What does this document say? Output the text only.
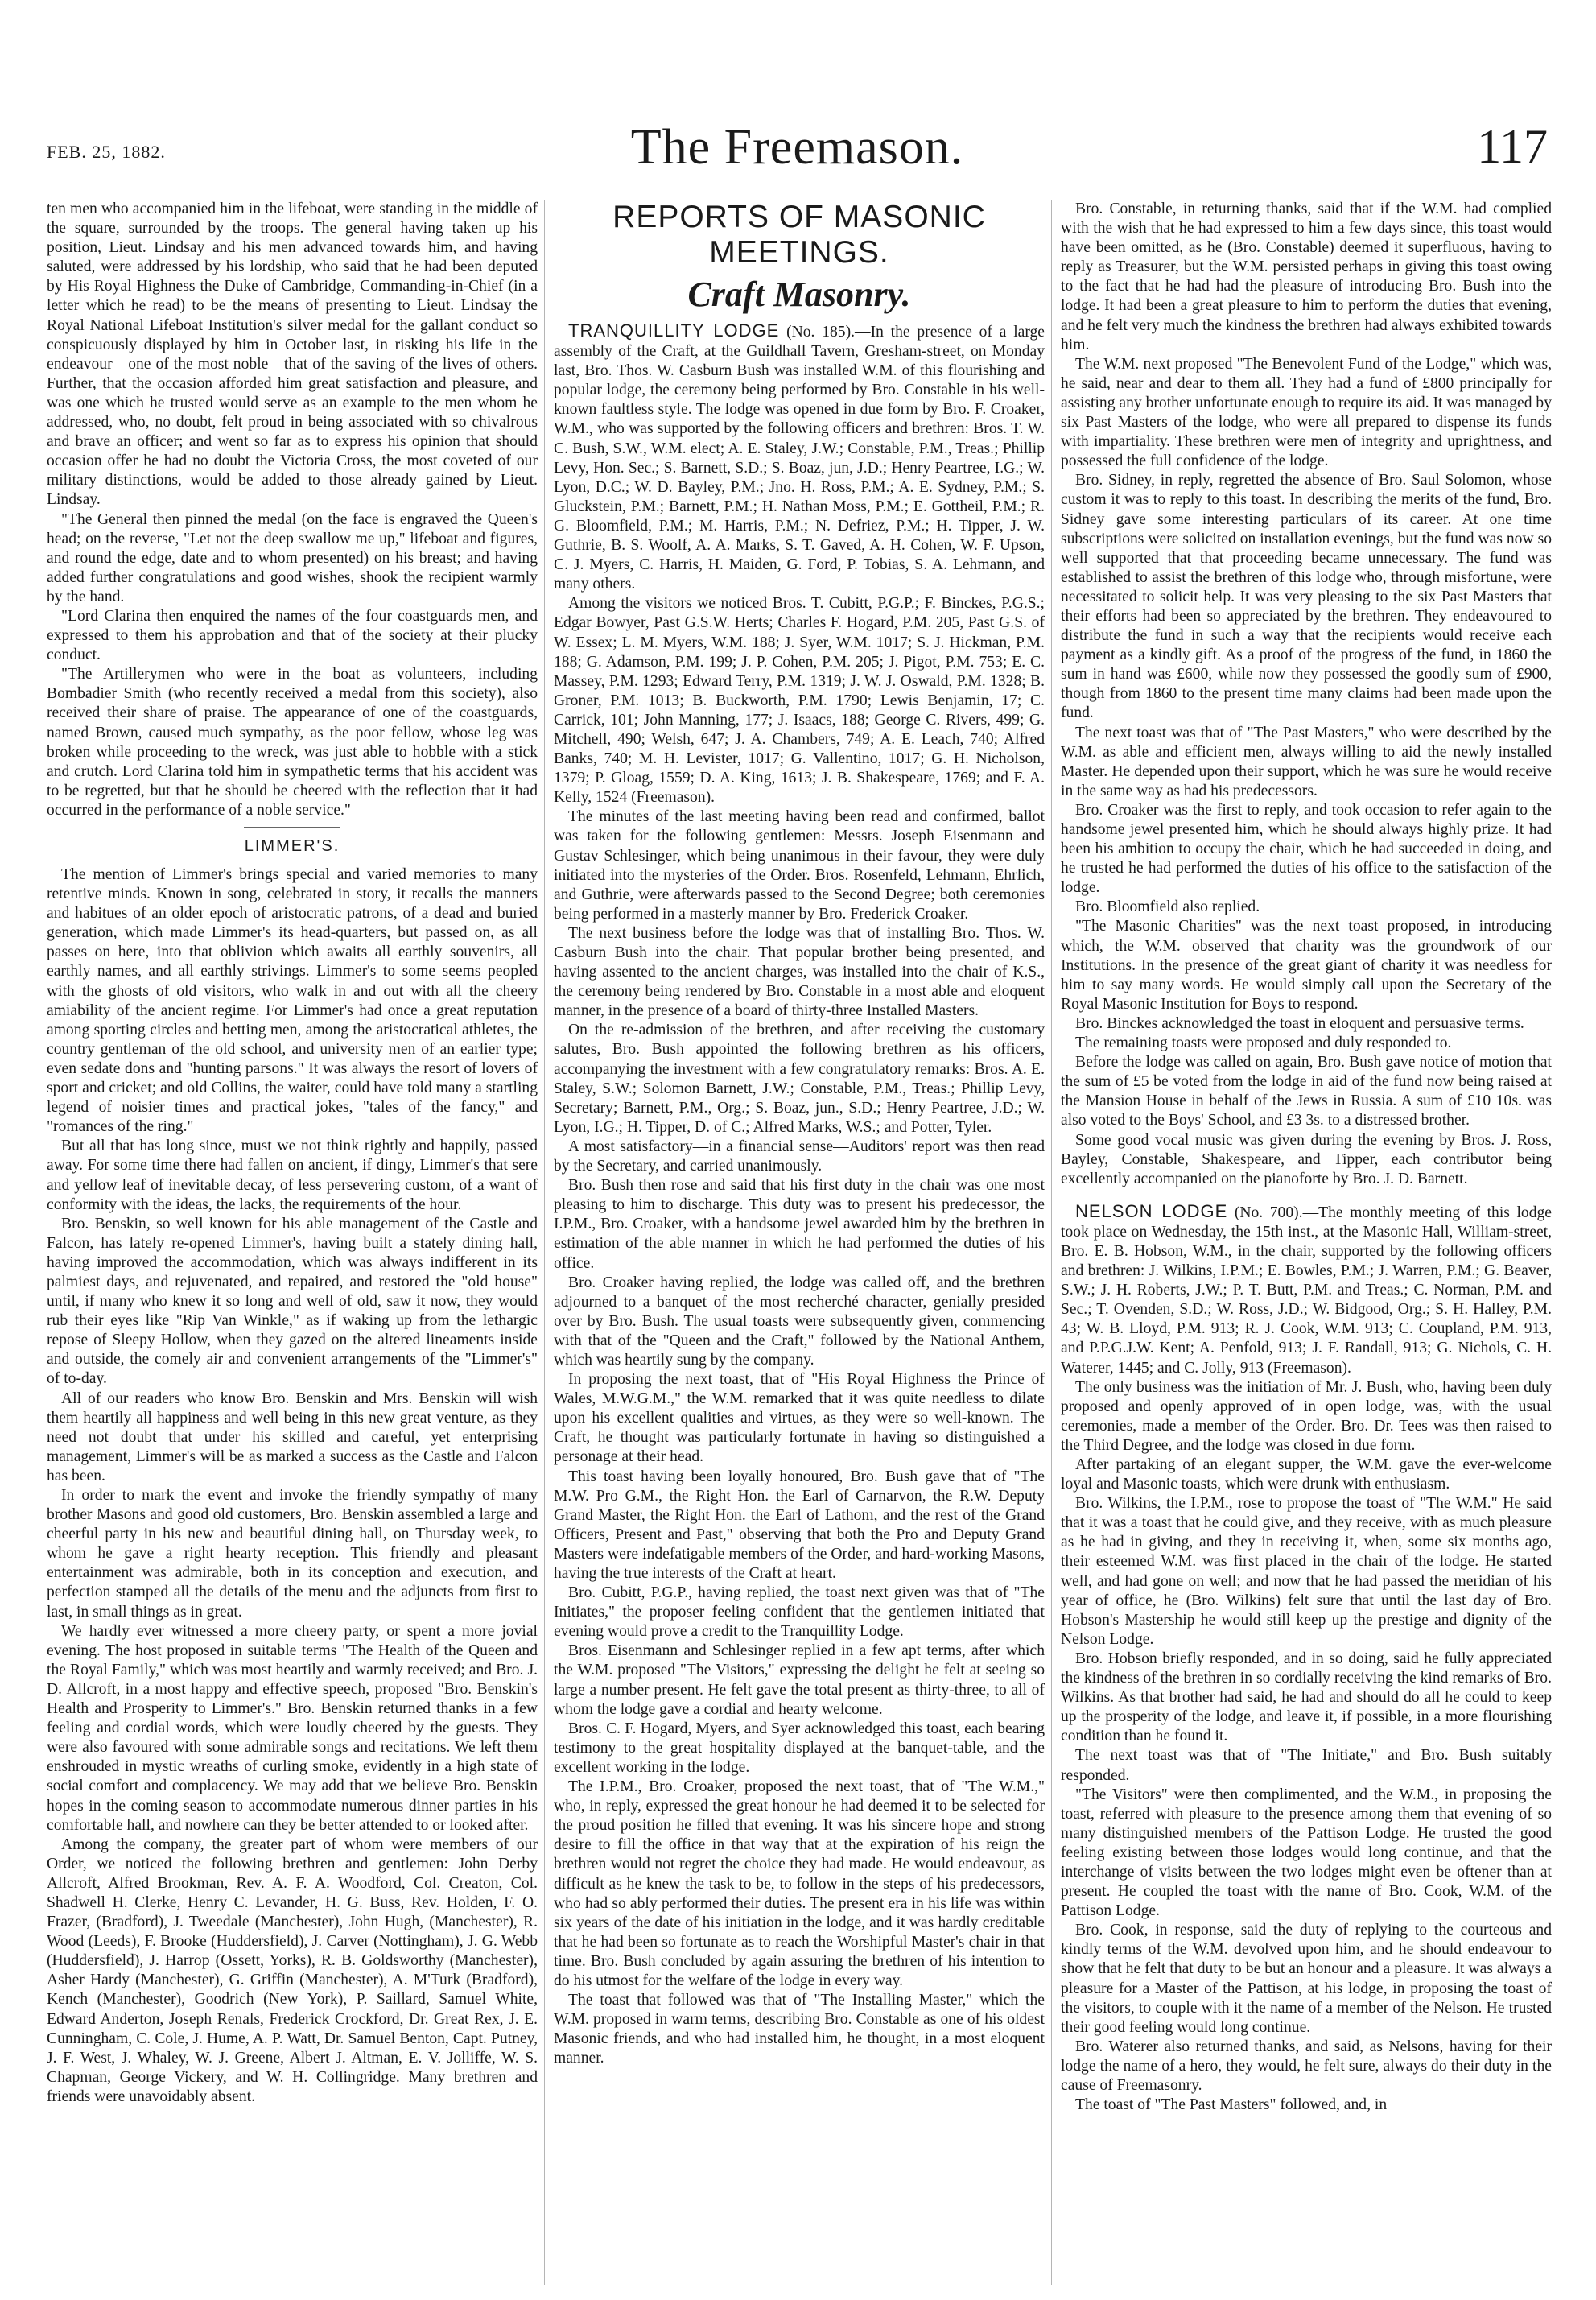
FEB. 25, 1882.	The Freemason.	117

ten men who accompanied him in the lifeboat, were standing in the middle of the square, surrounded by the troops. The general having taken up his position, Lieut. Lindsay and his men advanced towards him, and having saluted, were addressed by his lordship, who said that he had been deputed by His Royal Highness the Duke of Cambridge, Commanding-in-Chief (in a letter which he read) to be the means of presenting to Lieut. Lindsay the Royal National Lifeboat Institution's silver medal for the gallant conduct so conspicuously displayed by him in October last, in risking his life in the endeavour—one of the most noble—that of the saving of the lives of others. Further, that the occasion afforded him great satisfaction and pleasure, and was one which he trusted would serve as an example to the men whom he addressed, who, no doubt, felt proud in being associated with so chivalrous and brave an officer; and went so far as to express his opinion that should occasion offer he had no doubt the Victoria Cross, the most coveted of our military distinctions, would be added to those already gained by Lieut. Lindsay.

"The General then pinned the medal (on the face is engraved the Queen's head; on the reverse, "Let not the deep swallow me up," lifeboat and figures, and round the edge, date and to whom presented) on his breast; and having added further congratulations and good wishes, shook the recipient warmly by the hand.

"Lord Clarina then enquired the names of the four coastguards men, and expressed to them his approbation and that of the society at their plucky conduct.

"The Artillerymen who were in the boat as volunteers, including Bombadier Smith (who recently received a medal from this society), also received their share of praise. The appearance of one of the coastguards, named Brown, caused much sympathy, as the poor fellow, whose leg was broken while proceeding to the wreck, was just able to hobble with a stick and crutch. Lord Clarina told him in sympathetic terms that his accident was to be regretted, but that he should be cheered with the reflection that it had occurred in the performance of a noble service."

LIMMER'S.

The mention of Limmer's brings special and varied memories to many retentive minds. Known in song, celebrated in story, it recalls the manners and habitues of an older epoch of aristocratic patrons, of a dead and buried generation, which made Limmer's its head-quarters, but passed on, as all passes on here, into that oblivion which awaits all earthly souvenirs, all earthly names, and all earthly strivings. Limmer's to some seems peopled with the ghosts of old visitors, who walk in and out with all the cheery amiability of the ancient regime. For Limmer's had once a great reputation among sporting circles and betting men, among the aristocratical athletes, the country gentleman of the old school, and university men of an earlier type; even sedate dons and "hunting parsons." It was always the resort of lovers of sport and cricket; and old Collins, the waiter, could have told many a startling legend of noisier times and practical jokes, "tales of the fancy," and "romances of the ring."

But all that has long since, must we not think rightly and happily, passed away. For some time there had fallen on ancient, if dingy, Limmer's that sere and yellow leaf of inevitable decay, of less persevering custom, of a want of conformity with the ideas, the lacks, the requirements of the hour.

Bro. Benskin, so well known for his able management of the Castle and Falcon, has lately re-opened Limmer's, having built a stately dining hall, having improved the accommodation, which was always indifferent in its palmiest days, and rejuvenated, and repaired, and restored the "old house" until, if many who knew it so long and well of old, saw it now, they would rub their eyes like "Rip Van Winkle," as if waking up from the lethargic repose of Sleepy Hollow, when they gazed on the altered lineaments inside and outside, the comely air and convenient arrangements of the "Limmer's" of to-day.

All of our readers who know Bro. Benskin and Mrs. Benskin will wish them heartily all happiness and well being in this new great venture, as they need not doubt that under his skilled and careful, yet enterprising management, Limmer's will be as marked a success as the Castle and Falcon has been.

In order to mark the event and invoke the friendly sympathy of many brother Masons and good old customers, Bro. Benskin assembled a large and cheerful party in his new and beautiful dining hall, on Thursday week, to whom he gave a right hearty reception. This friendly and pleasant entertainment was admirable, both in its conception and execution, and perfection stamped all the details of the menu and the adjuncts from first to last, in small things as in great.

We hardly ever witnessed a more cheery party, or spent a more jovial evening. The host proposed in suitable terms "The Health of the Queen and the Royal Family," which was most heartily and warmly received; and Bro. J. D. Allcroft, in a most happy and effective speech, proposed "Bro. Benskin's Health and Prosperity to Limmer's." Bro. Benskin returned thanks in a few feeling and cordial words, which were loudly cheered by the guests. They were also favoured with some admirable songs and recitations. We left them enshrouded in mystic wreaths of curling smoke, evidently in a high state of social comfort and complacency. We may add that we believe Bro. Benskin hopes in the coming season to accommodate numerous dinner parties in his comfortable hall, and nowhere can they be better attended to or looked after.

Among the company, the greater part of whom were members of our Order, we noticed the following brethren and gentlemen: John Derby Allcroft, Alfred Brookman, Rev. A. F. A. Woodford, Col. Creaton, Col. Shadwell H. Clerke, Henry C. Levander, H. G. Buss, Rev. Holden, F. O. Frazer, (Bradford), J. Tweedale (Manchester), John Hugh, (Manchester), R. Wood (Leeds), F. Brooke (Huddersfield), J. Carver (Nottingham), J. G. Webb (Huddersfield), J. Harrop (Ossett, Yorks), R. B. Goldsworthy (Manchester), Asher Hardy (Manchester), G. Griffin (Manchester), A. M'Turk (Bradford), Kench (Manchester), Goodrich (New York), P. Saillard, Samuel White, Edward Anderton, Joseph Renals, Frederick Crockford, Dr. Great Rex, J. E. Cunningham, C. Cole, J. Hume, A. P. Watt, Dr. Samuel Benton, Capt. Putney, J. F. West, J. Whaley, W. J. Greene, Albert J. Altman, E. V. Jolliffe, W. S. Chapman, George Vickery, and W. H. Collingridge. Many brethren and friends were unavoidably absent.

REPORTS OF MASONIC MEETINGS.
Craft Masonry.

TRANQUILLITY LODGE (No. 185).—In the presence of a large assembly of the Craft, at the Guildhall Tavern, Gresham-street, on Monday last, Bro. Thos. W. Casburn Bush was installed W.M. of this flourishing and popular lodge, the ceremony being performed by Bro. Constable in his well-known faultless style. The lodge was opened in due form by Bro. F. Croaker, W.M., who was supported by the following officers and brethren: Bros. T. W. C. Bush, S.W., W.M. elect; A. E. Staley, J.W.; Constable, P.M., Treas.; Phillip Levy, Hon. Sec.; S. Barnett, S.D.; S. Boaz, jun, J.D.; Henry Peartree, I.G.; W. Lyon, D.C.; W. D. Bayley, P.M.; Jno. H. Ross, P.M.; A. E. Sydney, P.M.; S. Gluckstein, P.M.; Barnett, P.M.; H. Nathan Moss, P.M.; E. Gottheil, P.M.; R. G. Bloomfield, P.M.; M. Harris, P.M.; N. Defriez, P.M.; H. Tipper, J. W. Guthrie, B. S. Woolf, A. A. Marks, S. T. Gaved, A. H. Cohen, W. F. Upson, C. J. Myers, C. Harris, H. Maiden, G. Ford, P. Tobias, S. A. Lehmann, and many others.

Among the visitors we noticed Bros. T. Cubitt, P.G.P.; F. Binckes, P.G.S.; Edgar Bowyer, Past G.S.W. Herts; Charles F. Hogard, P.M. 205, Past G.S. of W. Essex; L. M. Myers, W.M. 188; J. Syer, W.M. 1017; S. J. Hickman, P.M. 188; G. Adamson, P.M. 199; J. P. Cohen, P.M. 205; J. Pigot, P.M. 753; E. C. Massey, P.M. 1293; Edward Terry, P.M. 1319; J. W. J. Oswald, P.M. 1328; B. Groner, P.M. 1013; B. Buckworth, P.M. 1790; Lewis Benjamin, 17; C. Carrick, 101; John Manning, 177; J. Isaacs, 188; George C. Rivers, 499; G. Mitchell, 490; Welsh, 647; J. A. Chambers, 749; A. E. Leach, 740; Alfred Banks, 740; M. H. Levister, 1017; G. Vallentino, 1017; G. H. Nicholson, 1379; P. Gloag, 1559; D. A. King, 1613; J. B. Shakespeare, 1769; and F. A. Kelly, 1524 (Freemason).

The minutes of the last meeting having been read and confirmed, ballot was taken for the following gentlemen: Messrs. Joseph Eisenmann and Gustav Schlesinger, which being unanimous in their favour, they were duly initiated into the mysteries of the Order. Bros. Rosenfeld, Lehmann, Ehrlich, and Guthrie, were afterwards passed to the Second Degree; both ceremonies being performed in a masterly manner by Bro. Frederick Croaker.

The next business before the lodge was that of installing Bro. Thos. W. Casburn Bush into the chair. That popular brother being presented, and having assented to the ancient charges, was installed into the chair of K.S., the ceremony being rendered by Bro. Constable in a most able and eloquent manner, in the presence of a board of thirty-three Installed Masters.

On the re-admission of the brethren, and after receiving the customary salutes, Bro. Bush appointed the following brethren as his officers, accompanying the investment with a few congratulatory remarks: Bros. A. E. Staley, S.W.; Solomon Barnett, J.W.; Constable, P.M., Treas.; Phillip Levy, Secretary; Barnett, P.M., Org.; S. Boaz, jun., S.D.; Henry Peartree, J.D.; W. Lyon, I.G.; H. Tipper, D. of C.; Alfred Marks, W.S.; and Potter, Tyler.

A most satisfactory—in a financial sense—Auditors' report was then read by the Secretary, and carried unanimously.

Bro. Bush then rose and said that his first duty in the chair was one most pleasing to him to discharge. This duty was to present his predecessor, the I.P.M., Bro. Croaker, with a handsome jewel awarded him by the brethren in estimation of the able manner in which he had performed the duties of his office.

Bro. Croaker having replied, the lodge was called off, and the brethren adjourned to a banquet of the most recherché character, genially presided over by Bro. Bush. The usual toasts were subsequently given, commencing with that of the "Queen and the Craft," followed by the National Anthem, which was heartily sung by the company.

In proposing the next toast, that of "His Royal Highness the Prince of Wales, M.W.G.M.," the W.M. remarked that it was quite needless to dilate upon his excellent qualities and virtues, as they were so well-known. The Craft, he thought was particularly fortunate in having so distinguished a personage at their head.

This toast having been loyally honoured, Bro. Bush gave that of "The M.W. Pro G.M., the Right Hon. the Earl of Carnarvon, the R.W. Deputy Grand Master, the Right Hon. the Earl of Lathom, and the rest of the Grand Officers, Present and Past," observing that both the Pro and Deputy Grand Masters were indefatigable members of the Order, and hard-working Masons, having the true interests of the Craft at heart.

Bro. Cubitt, P.G.P., having replied, the toast next given was that of "The Initiates," the proposer feeling confident that the gentlemen initiated that evening would prove a credit to the Tranquillity Lodge.

Bros. Eisenmann and Schlesinger replied in a few apt terms, after which the W.M. proposed "The Visitors," expressing the delight he felt at seeing so large a number present. He felt gave the total present as thirty-three, to all of whom the lodge gave a cordial and hearty welcome.

Bros. C. F. Hogard, Myers, and Syer acknowledged this toast, each bearing testimony to the great hospitality displayed at the banquet-table, and the excellent working in the lodge.

The I.P.M., Bro. Croaker, proposed the next toast, that of "The W.M.," who, in reply, expressed the great honour he had deemed it to be selected for the proud position he filled that evening. It was his sincere hope and strong desire to fill the office in that way that at the expiration of his reign the brethren would not regret the choice they had made. He would endeavour, as difficult as he knew the task to be, to follow in the steps of his predecessors, who had so ably performed their duties. The present era in his life was within six years of the date of his initiation in the lodge, and it was hardly creditable that he had been so fortunate as to reach the Worshipful Master's chair in that time. Bro. Bush concluded by again assuring the brethren of his intention to do his utmost for the welfare of the lodge in every way.

The toast that followed was that of "The Installing Master," which the W.M. proposed in warm terms, describing Bro. Constable as one of his oldest Masonic friends, and who had installed him, he thought, in a most eloquent manner.

Bro. Constable, in returning thanks, said that if the W.M. had complied with the wish that he had expressed to him a few days since, this toast would have been omitted, as he (Bro. Constable) deemed it superfluous, having to reply as Treasurer, but the W.M. persisted perhaps in giving this toast owing to the fact that he had had the pleasure of introducing Bro. Bush into the lodge. It had been a great pleasure to him to perform the duties that evening, and he felt very much the kindness the brethren had always exhibited towards him.

The W.M. next proposed "The Benevolent Fund of the Lodge," which was, he said, near and dear to them all. They had a fund of £800 principally for assisting any brother unfortunate enough to require its aid. It was managed by six Past Masters of the lodge, who were all prepared to dispense its funds with impartiality. These brethren were men of integrity and uprightness, and possessed the full confidence of the lodge.

Bro. Sidney, in reply, regretted the absence of Bro. Saul Solomon, whose custom it was to reply to this toast. In describing the merits of the fund, Bro. Sidney gave some interesting particulars of its career. At one time subscriptions were solicited on installation evenings, but the fund was now so well supported that that proceeding became unnecessary. The fund was established to assist the brethren of this lodge who, through misfortune, were necessitated to solicit help. It was very pleasing to the six Past Masters that their efforts had been so appreciated by the brethren. They endeavoured to distribute the fund in such a way that the recipients would receive each payment as a kindly gift. As a proof of the progress of the fund, in 1860 the sum in hand was £600, while now they possessed the goodly sum of £900, though from 1860 to the present time many claims had been made upon the fund.

The next toast was that of "The Past Masters," who were described by the W.M. as able and efficient men, always willing to aid the newly installed Master. He depended upon their support, which he was sure he would receive in the same way as had his predecessors.

Bro. Croaker was the first to reply, and took occasion to refer again to the handsome jewel presented him, which he should always highly prize. It had been his ambition to occupy the chair, which he had succeeded in doing, and he trusted he had performed the duties of his office to the satisfaction of the lodge.

Bro. Bloomfield also replied.

"The Masonic Charities" was the next toast proposed, in introducing which, the W.M. observed that charity was the groundwork of our Institutions. In the presence of the great giant of charity it was needless for him to say many words. He would simply call upon the Secretary of the Royal Masonic Institution for Boys to respond.

Bro. Binckes acknowledged the toast in eloquent and persuasive terms.

The remaining toasts were proposed and duly responded to.

Before the lodge was called on again, Bro. Bush gave notice of motion that the sum of £5 be voted from the lodge in aid of the fund now being raised at the Mansion House in behalf of the Jews in Russia. A sum of £10 10s. was also voted to the Boys' School, and £3 3s. to a distressed brother.

Some good vocal music was given during the evening by Bros. J. Ross, Bayley, Constable, Shakespeare, and Tipper, each contributor being excellently accompanied on the pianoforte by Bro. J. D. Barnett.

NELSON LODGE (No. 700).—The monthly meeting of this lodge took place on Wednesday, the 15th inst., at the Masonic Hall, William-street, Bro. E. B. Hobson, W.M., in the chair, supported by the following officers and brethren: J. Wilkins, I.P.M.; E. Bowles, P.M.; J. Warren, P.M.; G. Beaver, S.W.; J. H. Roberts, J.W.; P. T. Butt, P.M. and Treas.; C. Norman, P.M. and Sec.; T. Ovenden, S.D.; W. Ross, J.D.; W. Bidgood, Org.; S. H. Halley, P.M. 43; W. B. Lloyd, P.M. 913; R. J. Cook, W.M. 913; C. Coupland, P.M. 913, and P.P.G.J.W. Kent; A. Penfold, 913; J. F. Randall, 913; G. Nichols, C. H. Waterer, 1445; and C. Jolly, 913 (Freemason).

The only business was the initiation of Mr. J. Bush, who, having been duly proposed and openly approved of in open lodge, was, with the usual ceremonies, made a member of the Order. Bro. Dr. Tees was then raised to the Third Degree, and the lodge was closed in due form.

After partaking of an elegant supper, the W.M. gave the ever-welcome loyal and Masonic toasts, which were drunk with enthusiasm.

Bro. Wilkins, the I.P.M., rose to propose the toast of "The W.M." He said that it was a toast that he could give, and they receive, with as much pleasure as he had in giving, and they in receiving it, when, some six months ago, their esteemed W.M. was first placed in the chair of the lodge. He started well, and had gone on well; and now that he had passed the meridian of his year of office, he (Bro. Wilkins) felt sure that until the last day of Bro. Hobson's Mastership he would still keep up the prestige and dignity of the Nelson Lodge.

Bro. Hobson briefly responded, and in so doing, said he fully appreciated the kindness of the brethren in so cordially receiving the kind remarks of Bro. Wilkins. As that brother had said, he had and should do all he could to keep up the prosperity of the lodge, and leave it, if possible, in a more flourishing condition than he found it.

The next toast was that of "The Initiate," and Bro. Bush suitably responded.

"The Visitors" were then complimented, and the W.M., in proposing the toast, referred with pleasure to the presence among them that evening of so many distinguished members of the Pattison Lodge. He trusted the good feeling existing between those lodges would long continue, and that the interchange of visits between the two lodges might even be oftener than at present. He coupled the toast with the name of Bro. Cook, W.M. of the Pattison Lodge.

Bro. Cook, in response, said the duty of replying to the courteous and kindly terms of the W.M. devolved upon him, and he should endeavour to show that he felt that duty to be but an honour and a pleasure. It was always a pleasure for a Master of the Pattison, at his lodge, in proposing the toast of the visitors, to couple with it the name of a member of the Nelson. He trusted their good feeling would long continue.

Bro. Waterer also returned thanks, and said, as Nelsons, having for their lodge the name of a hero, they would, he felt sure, always do their duty in the cause of Freemasonry.

The toast of "The Past Masters" followed, and, in
